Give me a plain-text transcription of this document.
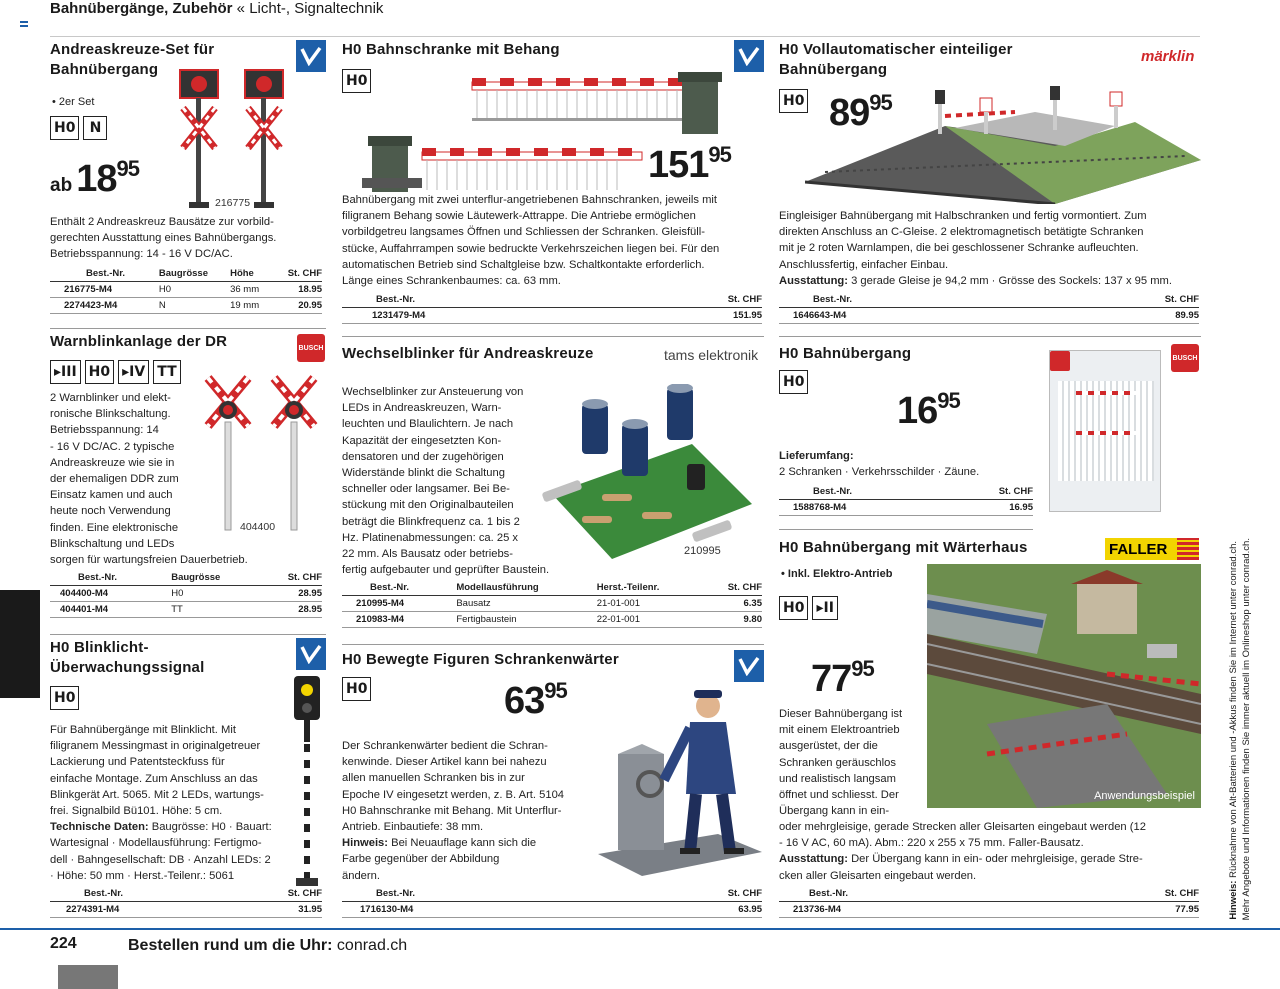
Bahnübergänge, Zubehör « Licht-, Signaltechnik
Andreaskreuze-Set für
Bahnübergang
• 2er Set
H0	N
ab $18^{95}$
216775
Enthält 2 Andreaskreuz Bausätze zur vorbild-
gerechten Ausstattung eines Bahnübergangs.
Betriebsspannung: 14 - 16 V DC/AC.
Best.-Nr.	Baugrösse	Höhe	St. CHF
216775-M4	H0	36 mm	18.95
2274423-M4	N	19 mm	20.95
Warnblinkanlage der DR	BUSCH
▸III H0 ▸IV TT
404400
2 Warnblinker und elekt-
ronische Blinkschaltung.
Betriebsspannung: 14
- 16 V DC/AC. 2 typische
Andreaskreuze wie sie in
der ehemaligen DDR zum
Einsatz kamen und auch
heute noch Verwendung
finden. Eine elektronische
Blinkschaltung und LEDs
sorgen für wartungsfreien Dauerbetrieb.
Best.-Nr.	Baugrösse	St. CHF
404400-M4	H0	28.95
404401-M4	TT	28.95
H0 Blinklicht-
Überwachungssignal
H0
Für Bahnübergänge mit Blinklicht. Mit
filigranem Messingmast in originalgetreuer
Lackierung und Patentsteckfuss für
einfache Montage. Zum Anschluss an das
Blinkgerät Art. 5065. Mit 2 LEDs, wartungs-
frei. Signalbild Bü101. Höhe: 5 cm.
Technische Daten: Baugrösse: H0 · Bauart:
Wartesignal · Modellausführung: Fertigmo-
dell · Bahngesellschaft: DB · Anzahl LEDs: 2
· Höhe: 50 mm · Herst.-Teilenr.: 5061
Best.-Nr.	St. CHF
2274391-M4	31.95
H0 Bahnschranke mit Behang
H0
$151^{95}$
Bahnübergang mit zwei unterflur-angetriebenen Bahnschranken, jeweils mit
filigranem Behang sowie Läutewerk-Attrappe. Die Antriebe ermöglichen
vorbildgetreu langsames Öffnen und Schliessen der Schranken. Gleisfüll-
stücke, Auffahrrampen sowie bedruckte Verkehrszeichen liegen bei. Für den
automatischen Betrieb sind Schaltgleise bzw. Schaltkontakte erforderlich.
Länge eines Schrankenbaumes: ca. 63 mm.
Best.-Nr.	St. CHF
1231479-M4	151.95
Wechselblinker für Andreaskreuze	tams elektronik
210995
Wechselblinker zur Ansteuerung von
LEDs in Andreaskreuzen, Warn-
leuchten und Blaulichtern. Je nach
Kapazität der eingesetzten Kon-
densatoren und der zugehörigen
Widerstände blinkt die Schaltung
schneller oder langsamer. Bei Be-
stückung mit den Originalbauteilen
beträgt die Blinkfrequenz ca. 1 bis 2
Hz. Platinenabmessungen: ca. 25 x
22 mm. Als Bausatz oder betriebs-
fertig aufgebauter und geprüfter Baustein.
Best.-Nr.	Modellausführung	Herst.-Teilenr.	St. CHF
210995-M4	Bausatz	21-01-001	6.35
210983-M4	Fertigbaustein	22-01-001	9.80
H0 Bewegte Figuren Schrankenwärter
H0	$63^{95}$
Der Schrankenwärter bedient die Schran-
kenwinde. Dieser Artikel kann bei nahezu
allen manuellen Schranken bis in zur
Epoche IV eingesetzt werden, z. B. Art. 5104
H0 Bahnschranke mit Behang. Mit Unterflur-
Antrieb. Einbautiefe: 38 mm.
Hinweis: Bei Neuauflage kann sich die
Farbe gegenüber der Abbildung
ändern.
Best.-Nr.	St. CHF
1716130-M4	63.95
H0 Vollautomatischer einteiliger
Bahnübergang
märklin
H0 $89^{95}$
Eingleisiger Bahnübergang mit Halbschranken und fertig vormontiert. Zum
direkten Anschluss an C-Gleise. 2 elektromagnetisch betätigte Schranken
mit je 2 roten Warnlampen, die bei geschlossener Schranke aufleuchten.
Anschlussfertig, einfacher Einbau.
Ausstattung: 3 gerade Gleise je 94,2 mm · Grösse des Sockels: 137 x 95 mm.
Best.-Nr.	St. CHF
1646643-M4	89.95
H0 Bahnübergang	BUSCH
H0
$16^{95}$
Lieferumfang:
2 Schranken · Verkehrsschilder · Zäune.
Best.-Nr.	St. CHF
1588768-M4	16.95
H0 Bahnübergang mit Wärterhaus	FALLER
• Inkl. Elektro-Antrieb
H0 ▸II
$77^{95}$
Anwendungsbeispiel
Dieser Bahnübergang ist
mit einem Elektroantrieb
ausgerüstet, der die
Schranken geräuschlos
und realistisch langsam
öffnet und schliesst. Der
Übergang kann in ein-
oder mehrgleisige, gerade Strecken aller Gleisarten eingebaut werden (12
- 16 V AC, 60 mA). Abm.: 220 x 255 x 75 mm. Faller-Bausatz.
Ausstattung: Der Übergang kann in ein- oder mehrgleisige, gerade Stre-
cken aller Gleisarten eingebaut werden.
Best.-Nr.	St. CHF
213736-M4	77.95	Hinweis: Rücknahme von Alt-Batterien und -Akkus finden Sie im Internet unter conrad.ch. Mehr Angebote und Informationen finden Sie immer aktuell im Onlineshop unter conrad.ch.
224	Bestellen rund um die Uhr: conrad.ch
